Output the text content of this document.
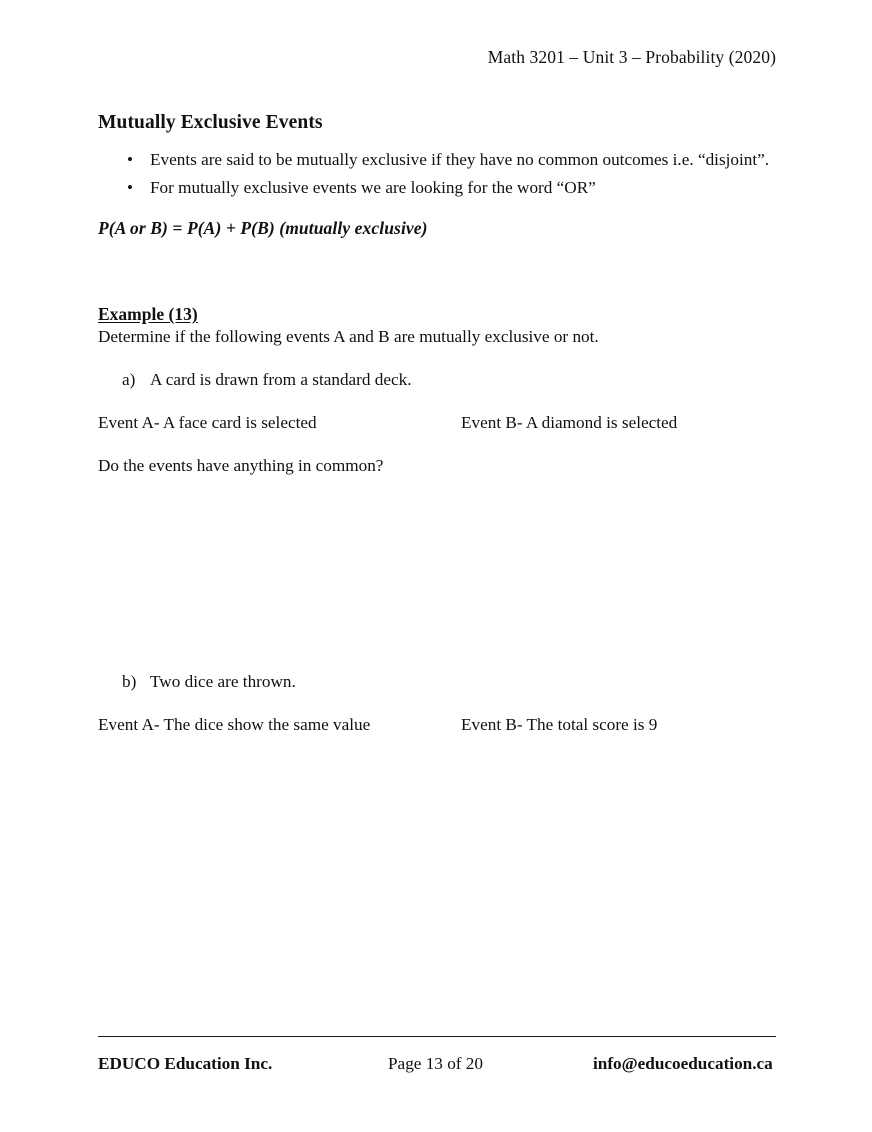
Math 3201 – Unit 3 – Probability (2020)
Mutually Exclusive Events
• Events are said to be mutually exclusive if they have no common outcomes i.e. “disjoint”.
• For mutually exclusive events we are looking for the word “OR”
P(A or B) = P(A) + P(B) (mutually exclusive)
Example (13)
Determine if the following events A and B are mutually exclusive or not.
a) A card is drawn from a standard deck.
Event A- A face card is selected	Event B- A diamond is selected
Do the events have anything in common?
b) Two dice are thrown.
Event A- The dice show the same value	Event B- The total score is 9
EDUCO Education Inc.	Page 13 of 20	info@educoeducation.ca
